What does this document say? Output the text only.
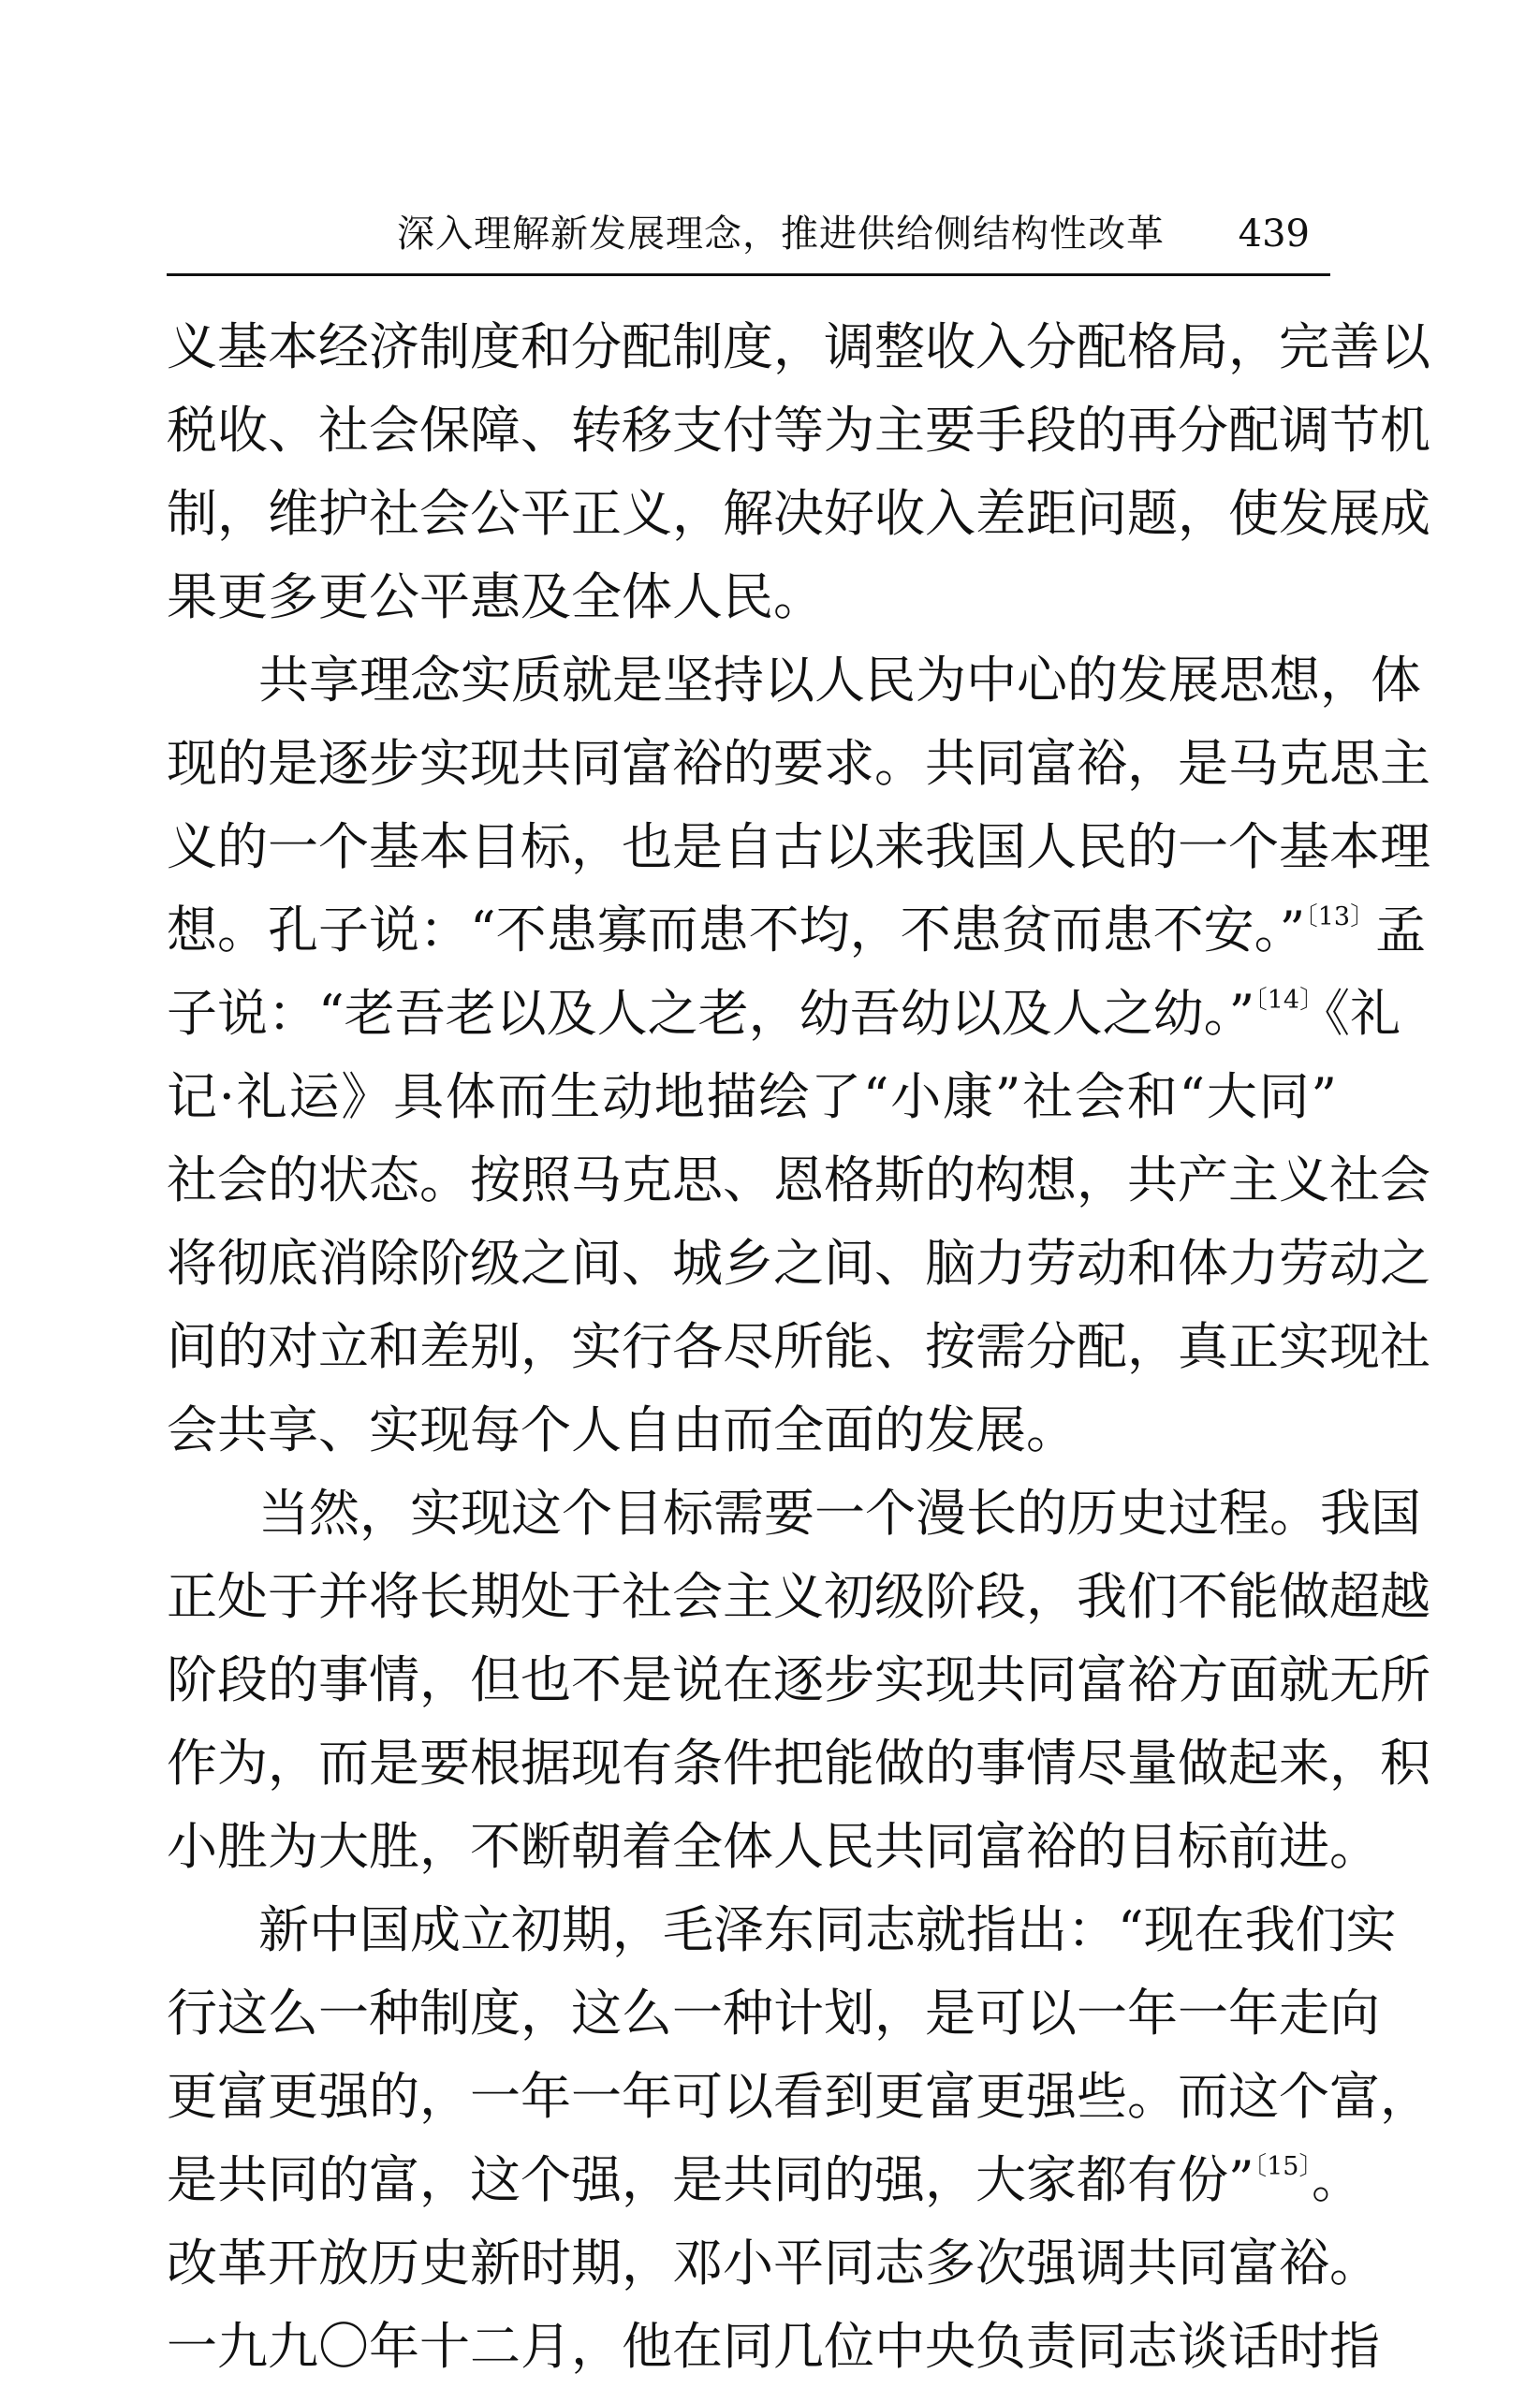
深入理解新发展理念，推进供给侧结构性改革 439
义基本经济制度和分配制度，调整收入分配格局，完善以
税收、社会保障、转移支付等为主要手段的再分配调节机
制，维护社会公平正义，解决好收入差距问题，使发展成
果更多更公平惠及全体人民。
共享理念实质就是坚持以人民为中心的发展思想，体
现的是逐步实现共同富裕的要求。共同富裕，是马克思主
义的一个基本目标，也是自古以来我国人民的一个基本理
想。孔子说：“不患寡而患不均，不患贫而患不安。”$^{〔13〕}$孟
子说：“老吾老以及人之老，幼吾幼以及人之幼。”$^{〔14〕}$《礼
记·礼运》具体而生动地描绘了“小康”社会和“大同”
社会的状态。按照马克思、恩格斯的构想，共产主义社会
将彻底消除阶级之间、城乡之间、脑力劳动和体力劳动之
间的对立和差别，实行各尽所能、按需分配，真正实现社
会共享、实现每个人自由而全面的发展。
当然，实现这个目标需要一个漫长的历史过程。我国
正处于并将长期处于社会主义初级阶段，我们不能做超越
阶段的事情，但也不是说在逐步实现共同富裕方面就无所
作为，而是要根据现有条件把能做的事情尽量做起来，积
小胜为大胜，不断朝着全体人民共同富裕的目标前进。
新中国成立初期，毛泽东同志就指出：“现在我们实
行这么一种制度，这么一种计划，是可以一年一年走向
更富更强的，一年一年可以看到更富更强些。而这个富，
是共同的富，这个强，是共同的强，大家都有份”$^{〔15〕}$。
改革开放历史新时期，邓小平同志多次强调共同富裕。
一九九〇年十二月，他在同几位中央负责同志谈话时指
